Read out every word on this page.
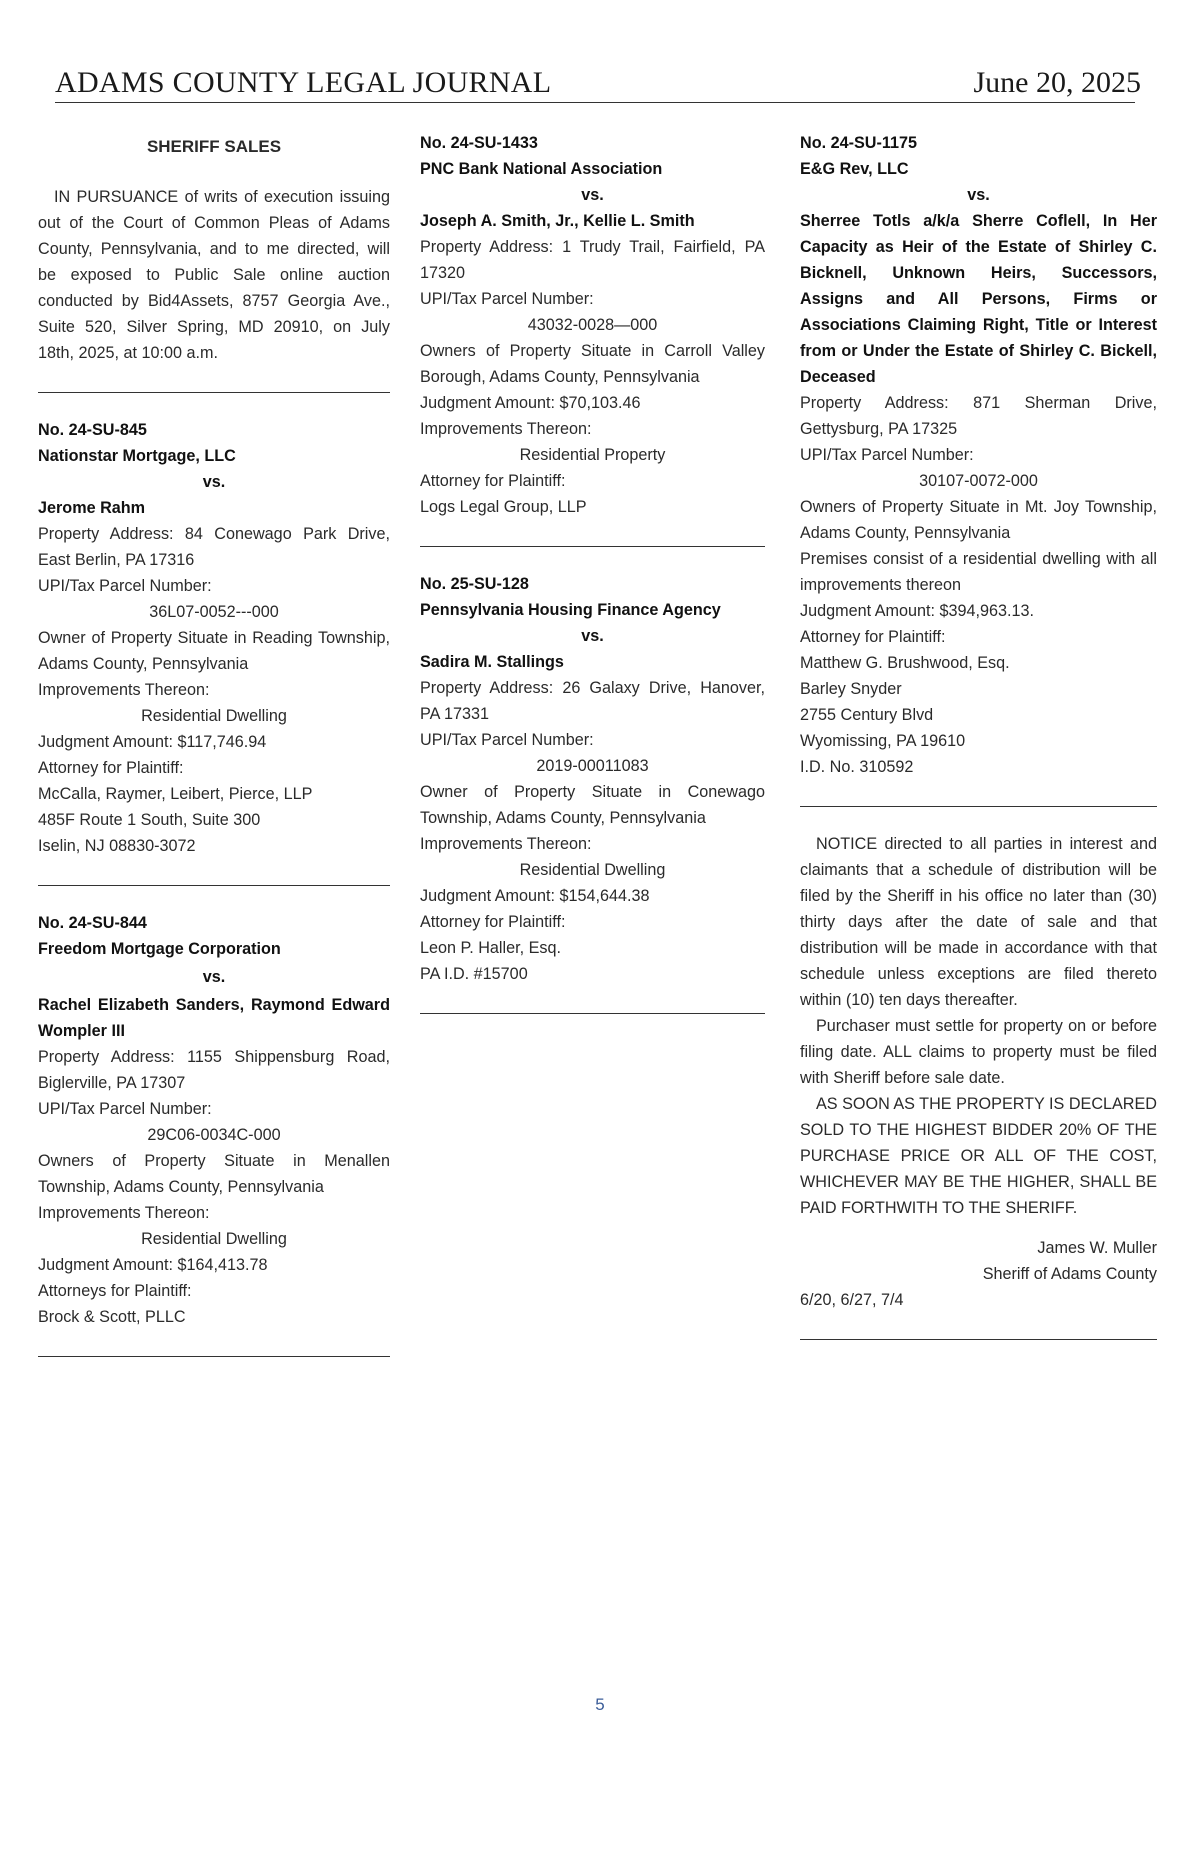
ADAMS COUNTY LEGAL JOURNAL	June 20, 2025

SHERIFF SALES

IN PURSUANCE of writs of execution issuing out of the Court of Common Pleas of Adams County, Pennsylvania, and to me directed, will be exposed to Public Sale online auction conducted by Bid4Assets, 8757 Georgia Ave., Suite 520, Silver Spring, MD 20910, on July 18th, 2025, at 10:00 a.m.

No. 24-SU-845

Nationstar Mortgage, LLC

vs.

Jerome Rahm

Property Address: 84 Conewago Park Drive, East Berlin, PA 17316

UPI/Tax Parcel Number:

36L07-0052---000

Owner of Property Situate in Reading Township, Adams County, Pennsylvania

Improvements Thereon:

Residential Dwelling

Judgment Amount: $117,746.94

Attorney for Plaintiff:

McCalla, Raymer, Leibert, Pierce, LLP

485F Route 1 South, Suite 300

Iselin, NJ 08830-3072

No. 24-SU-844

Freedom Mortgage Corporation

vs.

Rachel Elizabeth Sanders, Raymond Edward Wompler III

Property Address: 1155 Shippensburg Road, Biglerville, PA 17307

UPI/Tax Parcel Number:

29C06-0034C-000

Owners of Property Situate in Menallen Township, Adams County, Pennsylvania

Improvements Thereon:

Residential Dwelling

Judgment Amount: $164,413.78

Attorneys for Plaintiff:

Brock & Scott, PLLC

No. 24-SU-1433

PNC Bank National Association

vs.

Joseph A. Smith, Jr., Kellie L. Smith

Property Address: 1 Trudy Trail, Fairfield, PA 17320

UPI/Tax Parcel Number:

43032-0028—000

Owners of Property Situate in Carroll Valley Borough, Adams County, Pennsylvania

Judgment Amount: $70,103.46

Improvements Thereon:

Residential Property

Attorney for Plaintiff:

Logs Legal Group, LLP

No. 25-SU-128

Pennsylvania Housing Finance Agency

vs.

Sadira M. Stallings

Property Address: 26 Galaxy Drive, Hanover, PA 17331

UPI/Tax Parcel Number:

2019-00011083

Owner of Property Situate in Conewago Township, Adams County, Pennsylvania

Improvements Thereon:

Residential Dwelling

Judgment Amount: $154,644.38

Attorney for Plaintiff:

Leon P. Haller, Esq.

PA I.D. #15700

No. 24-SU-1175

E&G Rev, LLC

vs.

Sherree Totls a/k/a Sherre Coflell, In Her Capacity as Heir of the Estate of Shirley C. Bicknell, Unknown Heirs, Successors, Assigns and All Persons, Firms or Associations Claiming Right, Title or Interest from or Under the Estate of Shirley C. Bickell, Deceased

Property Address: 871 Sherman Drive, Gettysburg, PA 17325

UPI/Tax Parcel Number:

30107-0072-000

Owners of Property Situate in Mt. Joy Township, Adams County, Pennsylvania

Premises consist of a residential dwelling with all improvements thereon

Judgment Amount: $394,963.13.

Attorney for Plaintiff:

Matthew G. Brushwood, Esq.

Barley Snyder

2755 Century Blvd

Wyomissing, PA 19610

I.D. No. 310592

NOTICE directed to all parties in interest and claimants that a schedule of distribution will be filed by the Sheriff in his office no later than (30) thirty days after the date of sale and that distribution will be made in accordance with that schedule unless exceptions are filed thereto within (10) ten days thereafter.

Purchaser must settle for property on or before filing date. ALL claims to property must be filed with Sheriff before sale date.

AS SOON AS THE PROPERTY IS DECLARED SOLD TO THE HIGHEST BIDDER 20% OF THE PURCHASE PRICE OR ALL OF THE COST, WHICHEVER MAY BE THE HIGHER, SHALL BE PAID FORTHWITH TO THE SHERIFF.

James W. Muller

Sheriff of Adams County

6/20, 6/27, 7/4

5
